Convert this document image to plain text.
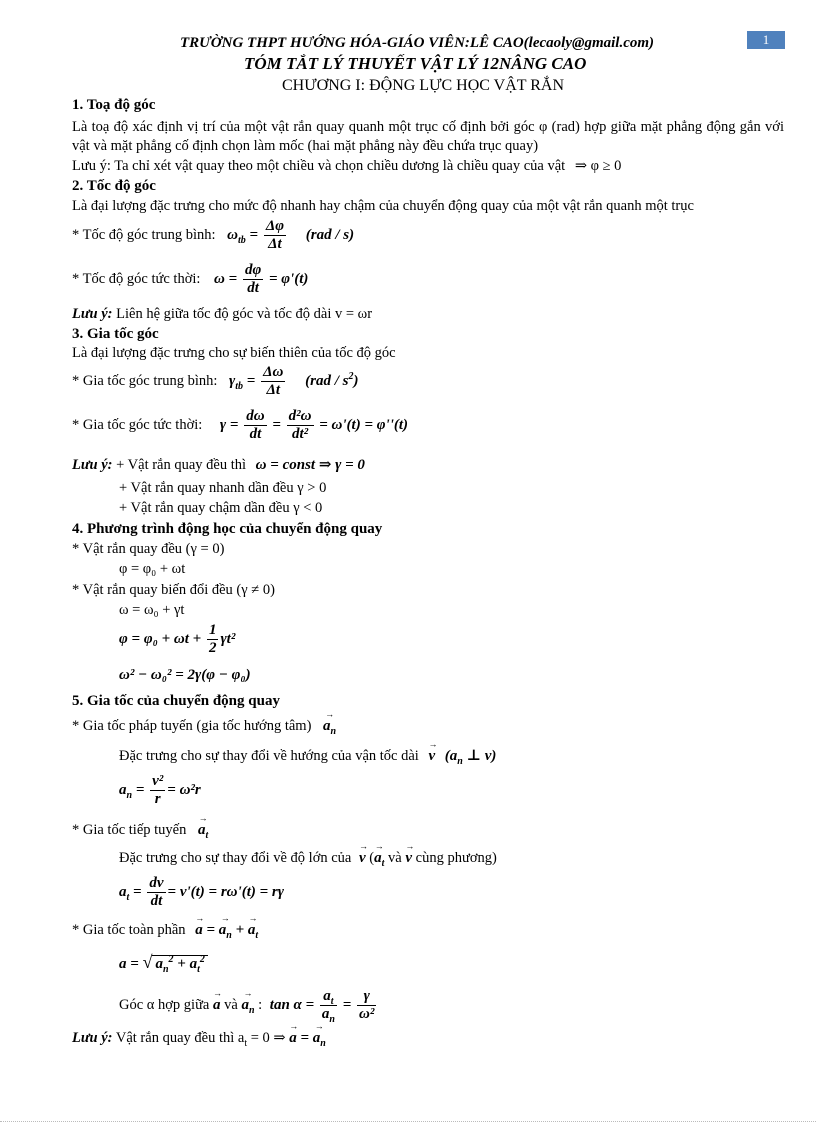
TRƯỜNG THPT HƯỚNG HÓA-GIÁO VIÊN:LÊ CAO(lecaoly@gmail.com)	1
TÓM TẮT LÝ THUYẾT VẬT LÝ 12NÂNG CAO
CHƯƠNG I: ĐỘNG LỰC HỌC VẬT RẮN
1. Toạ độ góc
Là toạ độ xác định vị trí của một vật rắn quay quanh một trục cố định bởi góc φ (rad) hợp giữa mặt phẳng động gắn với vật và mặt phẳng cố định chọn làm mốc (hai mặt phẳng này đều chứa trục quay)
Lưu ý: Ta chỉ xét vật quay theo một chiều và chọn chiều dương là chiều quay của vật ⇒ φ ≥ 0
2. Tốc độ góc
Là đại lượng đặc trưng cho mức độ nhanh hay chậm của chuyển động quay của một vật rắn quanh một trục
* Tốc độ góc trung bình: $\omega_{tb} = \frac{\Delta\varphi}{\Delta t} (rad / s)$
* Tốc độ góc tức thời: $\omega = \frac{d\varphi}{dt} = \varphi'(t)$
Lưu ý: Liên hệ giữa tốc độ góc và tốc độ dài v = ωr
3. Gia tốc góc
Là đại lượng đặc trưng cho sự biến thiên của tốc độ góc
* Gia tốc góc trung bình: $\gamma_{tb} = \frac{\Delta\omega}{\Delta t} (rad / s^2)$
* Gia tốc góc tức thời: $\gamma = \frac{d\omega}{dt} = \frac{\text{d²ω}}{\text{dt²}} = \omega'(t) = \varphi''(t)$
Lưu ý: + Vật rắn quay đều thì ω = const ⇒ γ = 0
+ Vật rắn quay nhanh dần đều γ > 0
+ Vật rắn quay chậm dần đều γ < 0
4. Phương trình động học của chuyển động quay
* Vật rắn quay đều (γ = 0)
φ = φ₀ + ωt
* Vật rắn quay biến đổi đều (γ ≠ 0)
ω = ω₀ + γt
$\varphi = \varphi_0 + \omega t + \frac{1}{2} \gamma t^2$
ω² − ω₀² = 2γ(φ − φ₀)
5. Gia tốc của chuyển động quay
* Gia tốc pháp tuyến (gia tốc hướng tâm) → $a_n$
Đặc trưng cho sự thay đổi về hướng của vận tốc dài → v ($a_n$ ⊥ v)
$a_n = \frac{\text{v²}}{r} = \omega^2r$
* Gia tốc tiếp tuyến → $a_t$
Đặc trưng cho sự thay đổi về độ lớn của → v (→ $a_t$ và → v cùng phương)
$a_t = \frac{dv}{dt} = v'(t) = r\omega'(t) = r\gamma$
* Gia tốc toàn phần → a = → $a_n$ + → $a_t$
a = √ $a_n^2 + a_t^2$
Góc α hợp giữa → a và → $a_n$ : $\tan \alpha = \frac{a_t}{a_n} = \frac{\gamma}{\text{ω²}}$
Lưu ý: Vật rắn quay đều thì $a_t = 0$ ⇒ → a = → $a_n$
